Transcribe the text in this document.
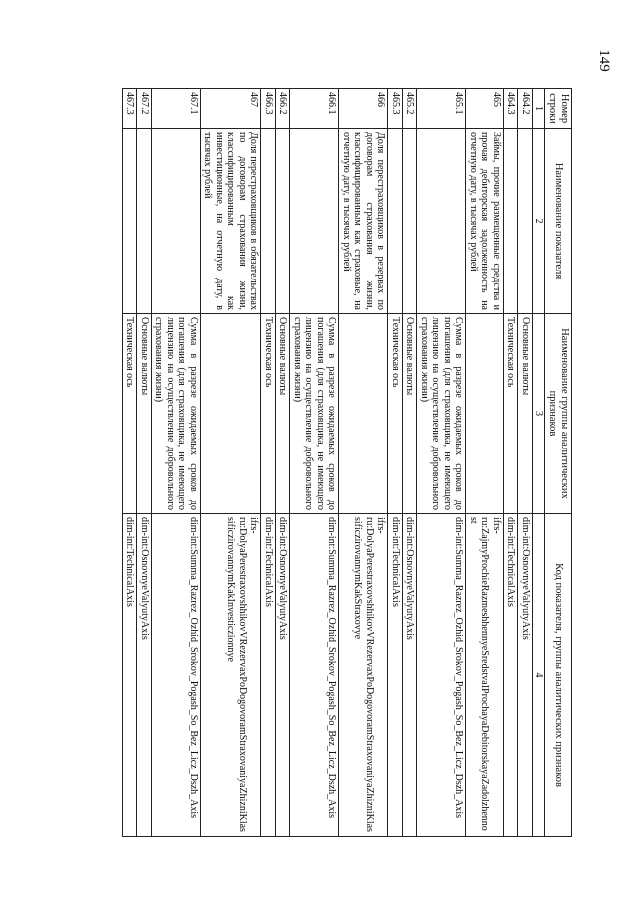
149
Номер строки	Наименование показателя	Наименование группы аналитических признаков	Код показателя, группы аналитических признаков
1	2	3	4
464.2		Основные валюты	dim-int:OsnovnyeValyutyAxis
464.3		Техническая ось	dim-int:TechnicalAxis
465	Займы, прочие размещенные средства и прочая дебиторская задолженность на отчетную дату, в тысячах рублей		ifrs-ru:ZajmyProchieRazmeshhennyeSredstvaIProchayaDebitorskayaZadolzhennost
465.1		Сумма в разрезе ожидаемых сроков до погашения (для страховщика, не имеющего лицензию на осуществление добровольного страхования жизни)	dim-int:Summa_Razrez_Ozhid_Srokov_Pogash_So_Bez_Licz_Dszh_Axis
465.2		Основные валюты	dim-int:OsnovnyeValyutyAxis
465.3		Техническая ось	dim-int:TechnicalAxis
466	Доля перестраховщиков в резервах по договорам страхования жизни, классифицированным как страховые, на отчетную дату, в тысячах рублей		ifrs-ru:DolyaPerestraxovshhikovVRezervaxPoDogovoramStraxovaniyaZhizniKlassificzirovannymKakStraxovye
466.1		Сумма в разрезе ожидаемых сроков до погашения (для страховщика, не имеющего лицензию на осуществление добровольного страхования жизни)	dim-int:Summa_Razrez_Ozhid_Srokov_Pogash_So_Bez_Licz_Dszh_Axis
466.2		Основные валюты	dim-int:OsnovnyeValyutyAxis
466.3		Техническая ось	dim-int:TechnicalAxis
467	Доля перестраховщиков в обязательствах по договорам страхования жизни, классифицированным как инвестиционные, на отчетную дату, в тысячах рублей		ifrs-ru:DolyaPerestraxovshhikovVRezervaxPoDogovoramStraxovaniyaZhizniKlassificzirovannymKakInvesticzionnye
467.1		Сумма в разрезе ожидаемых сроков до погашения (для страховщика, не имеющего лицензию на осуществление добровольного страхования жизни)	dim-int:Summa_Razrez_Ozhid_Srokov_Pogash_So_Bez_Licz_Dszh_Axis
467.2		Основные валюты	dim-int:OsnovnyeValyutyAxis
467.3		Техническая ось	dim-int:TechnicalAxis
